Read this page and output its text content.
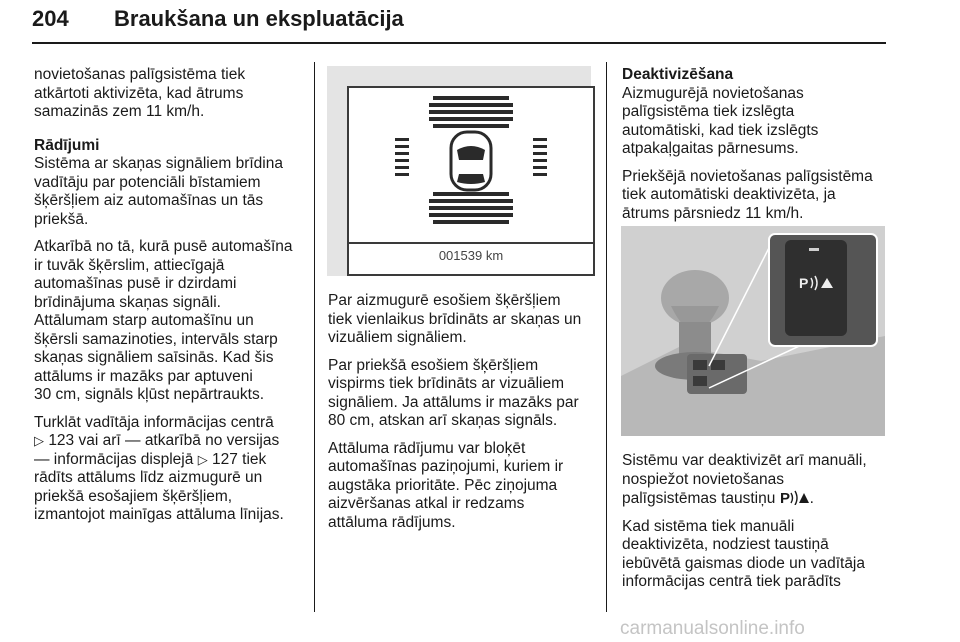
204 Braukšana un ekspluatācija

novietošanas palīgsistēma tiek
atkārtoti aktivizēta, kad ātrums
samazinās zem 11 km/h.

Rādījumi

Sistēma ar skaņas signāliem brīdina
vadītāju par potenciāli bīstamiem
šķēršļiem aiz automašīnas un tās
priekšā.

Atkarībā no tā, kurā pusē automašīna
ir tuvāk šķērslim, attiecīgajā
automašīnas pusē ir dzirdami
brīdinājuma skaņas signāli.
Attālumam starp automašīnu un
šķērsli samazinoties, intervāls starp
skaņas signāliem saīsinās. Kad šis
attālums ir mazāks par aptuveni
30 cm, signāls kļūst nepārtraukts.

Turklāt vadītāja informācijas centrā
▷ 123 vai arī — atkarībā no versijas
— informācijas displejā ▷ 127 tiek
rādīts attālums līdz aizmugurē un
priekšā esošajiem šķēršļiem,
izmantojot mainīgas attāluma līnijas.

001539 km

Par aizmugurē esošiem šķēršļiem
tiek vienlaikus brīdināts ar skaņas un
vizuāliem signāliem.

Par priekšā esošiem šķēršļiem
vispirms tiek brīdināts ar vizuāliem
signāliem. Ja attālums ir mazāks par
80 cm, atskan arī skaņas signāls.

Attāluma rādījumu var bloķēt
automašīnas paziņojumi, kuriem ir
augstāka prioritāte. Pēc ziņojuma
aizvēršanas atkal ir redzams
attāluma rādījums.

Deaktivizēšana

Aizmugurējā novietošanas
palīgsistēma tiek izslēgta
automātiski, kad tiek izslēgts
atpakaļgaitas pārnesums.

Priekšējā novietošanas palīgsistēma
tiek automātiski deaktivizēta, ja
ātrums pārsniedz 11 km/h.

P

Sistēmu var deaktivizēt arī manuāli,
nospiežot novietošanas
palīgsistēmas taustiņu P .

Kad sistēma tiek manuāli
deaktivizēta, nodziest taustiņā
iebūvētā gaismas diode un vadītāja
informācijas centrā tiek parādīts

carmanualsonline.info
